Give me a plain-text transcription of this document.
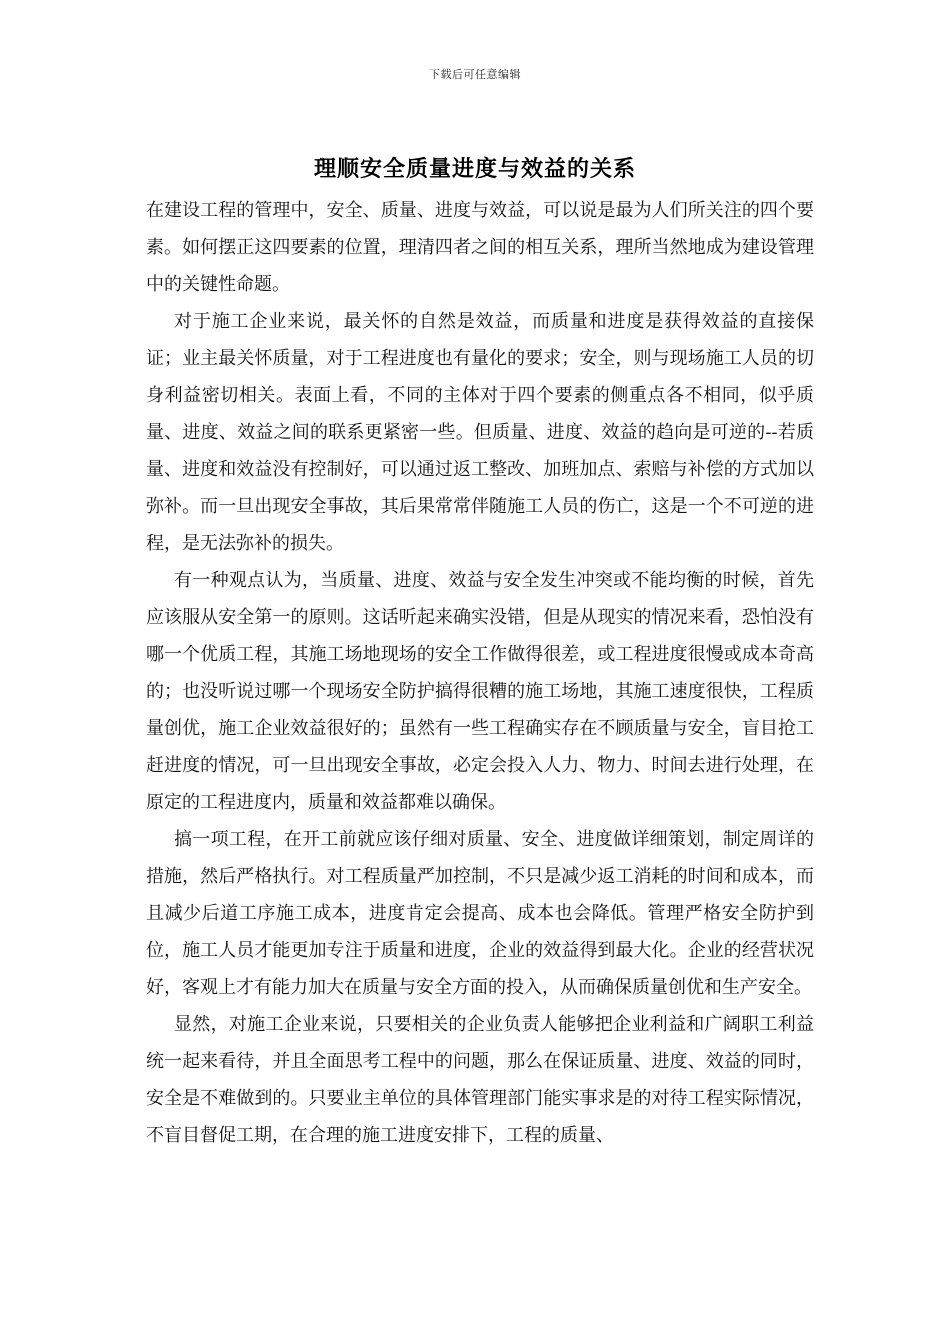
下载后可任意编辑
理顺安全质量进度与效益的关系

在建设工程的管理中，安全、质量、进度与效益，可以说是最为人们所关注的四个要素。如何摆正这四要素的位置，理清四者之间的相互关系，理所当然地成为建设管理中的关键性命题。

对于施工企业来说，最关怀的自然是效益，而质量和进度是获得效益的直接保证；业主最关怀质量，对于工程进度也有量化的要求；安全，则与现场施工人员的切身利益密切相关。表面上看，不同的主体对于四个要素的侧重点各不相同，似乎质量、进度、效益之间的联系更紧密一些。但质量、进度、效益的趋向是可逆的--若质量、进度和效益没有控制好，可以通过返工整改、加班加点、索赔与补偿的方式加以弥补。而一旦出现安全事故，其后果常常伴随施工人员的伤亡，这是一个不可逆的进程，是无法弥补的损失。

有一种观点认为，当质量、进度、效益与安全发生冲突或不能均衡的时候，首先应该服从安全第一的原则。这话听起来确实没错，但是从现实的情况来看，恐怕没有哪一个优质工程，其施工场地现场的安全工作做得很差，或工程进度很慢或成本奇高的；也没听说过哪一个现场安全防护搞得很糟的施工场地，其施工速度很快，工程质量创优，施工企业效益很好的；虽然有一些工程确实存在不顾质量与安全，盲目抢工赶进度的情况，可一旦出现安全事故，必定会投入人力、物力、时间去进行处理，在原定的工程进度内，质量和效益都难以确保。

搞一项工程，在开工前就应该仔细对质量、安全、进度做详细策划，制定周详的措施，然后严格执行。对工程质量严加控制，不只是减少返工消耗的时间和成本，而且减少后道工序施工成本，进度肯定会提高、成本也会降低。管理严格安全防护到位，施工人员才能更加专注于质量和进度，企业的效益得到最大化。企业的经营状况好，客观上才有能力加大在质量与安全方面的投入，从而确保质量创优和生产安全。

显然，对施工企业来说，只要相关的企业负责人能够把企业利益和广阔职工利益统一起来看待，并且全面思考工程中的问题，那么在保证质量、进度、效益的同时，安全是不难做到的。只要业主单位的具体管理部门能实事求是的对待工程实际情况，不盲目督促工期，在合理的施工进度安排下，工程的质量、
